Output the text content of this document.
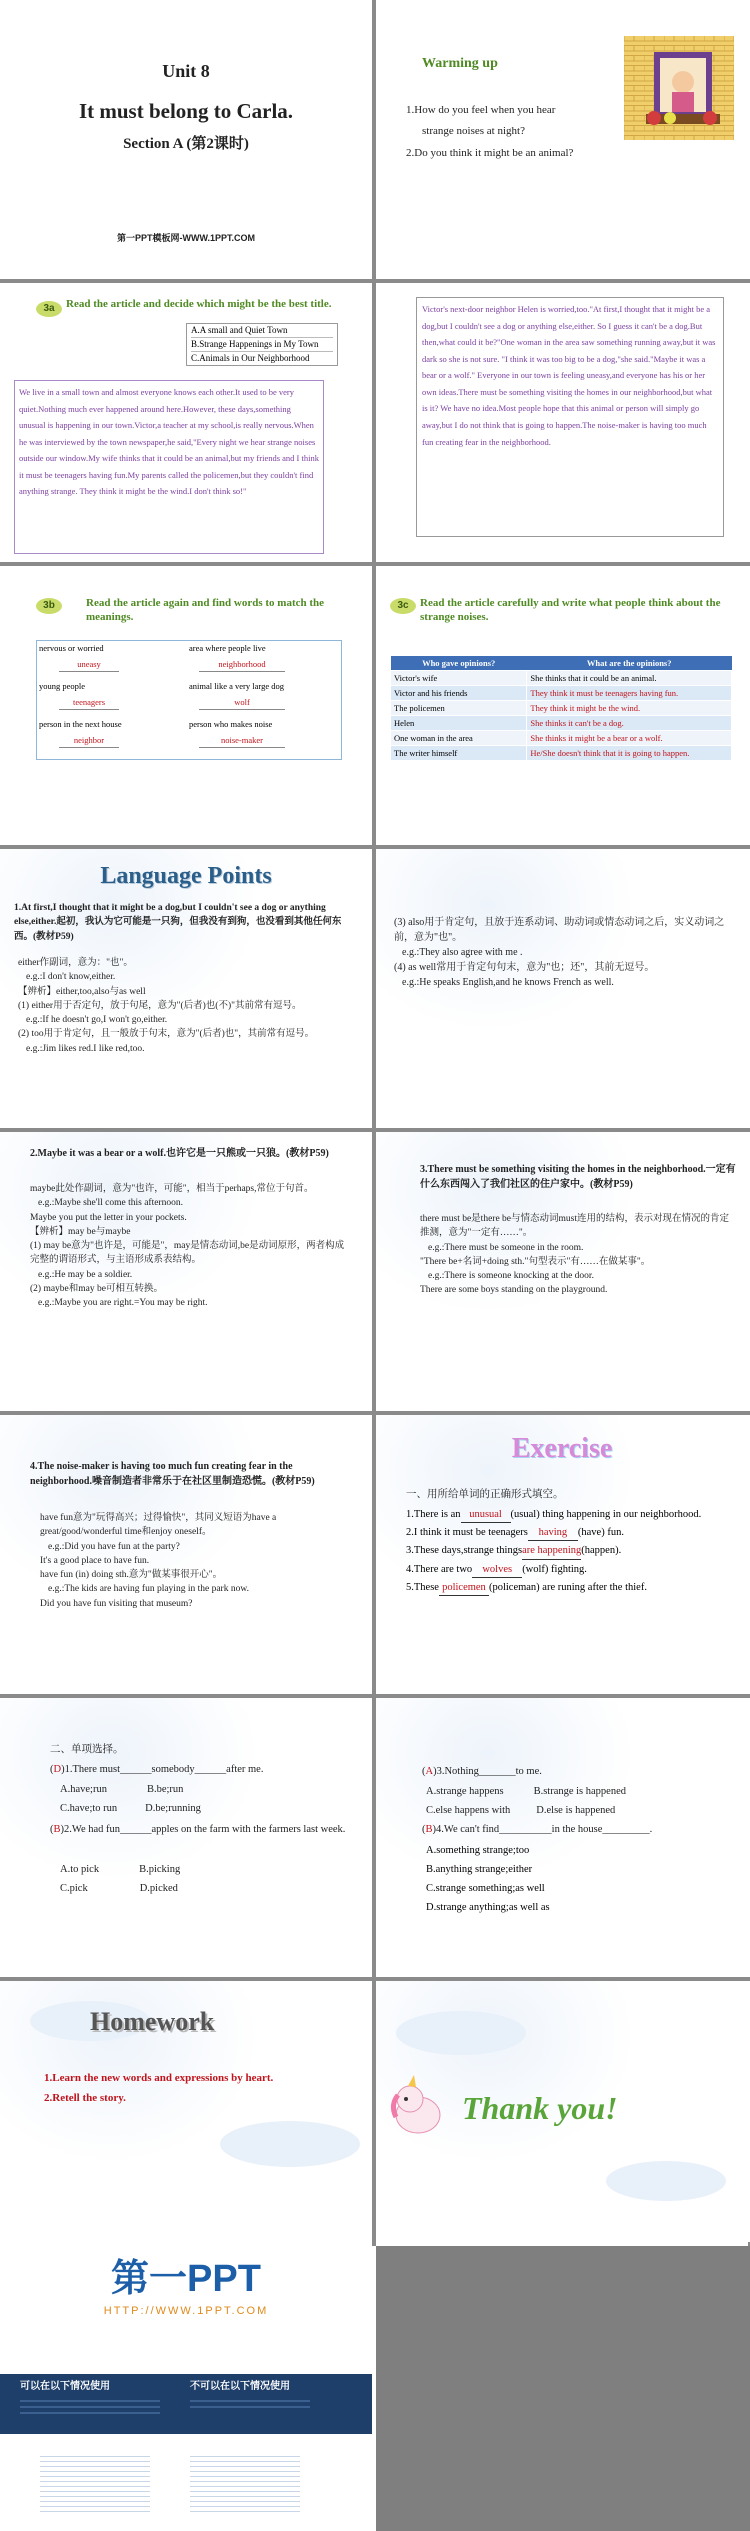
Unit 8
It must belong to Carla.
Section A (第2课时)
第一PPT模板网-WWW.1PPT.COM
Warming up
1.How do you feel when you hear
strange noises at night?
2.Do you think it might be an animal?
3a	Read the article and decide which might be the best title.
A.A small and Quiet Town
B.Strange Happenings in My Town
C.Animals in Our Neighborhood
We live in a small town and almost everyone knows each other.It used to be very quiet.Nothing much ever happened around here.However, these days,something unusual is happening in our town.Victor,a teacher at my school,is really nervous.When he was interviewed by the town newspaper,he said,"Every night we hear strange noises outside our window.My wife thinks that it could be an animal,but my friends and I think it must be teenagers having fun.My parents called the policemen,but they couldn't find anything strange. They think it might be the wind.I don't think so!"
Victor's next-door neighbor Helen is worried,too."At first,I thought that it might be a dog,but I couldn't see a dog or anything else,either. So I guess it can't be a dog.But then,what could it be?"One woman in the area saw something running away,but it was dark so she is not sure. "I think it was too big to be a dog,"she said."Maybe it was a bear or a wolf." Everyone in our town is feeling uneasy,and everyone has his or her own ideas.There must be something visiting the homes in our neighborhood,but what is it? We have no idea.Most people hope that this animal or person will simply go away,but I do not think that is going to happen.The noise-maker is having too much fun creating fear in the neighborhood.
3b	Read the article again and find words to match the meanings.
nervous or worried
uneasy
area where people live
neighborhood
young people
teenagers
animal like a very large dog
wolf
person in the next house
neighbor
person who makes noise
noise-maker
3c	Read the article carefully and write what people think about the strange noises.
Who gave opinions?	What are the opinions?
Victor's wife	She thinks that it could be an animal.
Victor and his friends	They think it must be teenagers having fun.
The policemen	They think it might be the wind.
Helen	She thinks it can't be a dog.
One woman in the area	She thinks it might be a bear or a wolf.
The writer himself	He/She doesn't think that it is going to happen.
Language Points
1.At first,I thought that it might be a dog,but I couldn't see a dog or anything else,either.起初，我认为它可能是一只狗，但我没有到狗，也没看到其他任何东西。(教材P59)
either作副词，意为："也"。
e.g.:I don't know,either.
【辨析】either,too,also与as well
(1) either用于否定句，放于句尾，意为"(后者)也(不)"其前常有逗号。
e.g.:If he doesn't go,I won't go,either.
(2) too用于肯定句，且一般放于句末，意为"(后者)也"，其前常有逗号。
e.g.:Jim likes red.I like red,too.
(3) also用于肯定句，且放于连系动词、助动词或情态动词之后，实义动词之前，意为"也"。
e.g.:They also agree with me .
(4) as well常用于肯定句句末，意为"也；还"，其前无逗号。
e.g.:He speaks English,and he knows French as well.
2.Maybe it was a bear or a wolf.也许它是一只熊或一只狼。(教材P59)
maybe此处作副词，意为"也许，可能"，相当于perhaps,常位于句首。
e.g.:Maybe she'll come this afternoon.
Maybe you put the letter in your pockets.
【辨析】may be与maybe
(1) may be意为"也许是，可能是"，may是情态动词,be是动词原形，两者构成完整的谓语形式，与主语形成系表结构。
e.g.:He may be a soldier.
(2) maybe和may be可相互转换。
e.g.:Maybe you are right.=You may be right.
3.There must be something visiting the homes in the neighborhood.一定有什么东西闯入了我们社区的住户家中。(教材P59)
there must be是there be与情态动词must连用的结构，表示对现在情况的肯定推测，意为"一定有……"。
e.g.:There must be someone in the room.
"There be+名词+doing sth."句型表示"有……在做某事"。
e.g.:There is someone knocking at the door.
There are some boys standing on the playground.
4.The noise-maker is having too much fun creating fear in the neighborhood.噪音制造者非常乐于在社区里制造恐慌。(教材P59)
have fun意为"玩得高兴；过得愉快"，其同义短语为have a great/good/wonderful time和enjoy oneself。
e.g.:Did you have fun at the party?
It's a good place to have fun.
have fun (in) doing sth.意为"做某事很开心"。
e.g.:The kids are having fun playing in the park now.
Did you have fun visiting that museum?
Exercise
一、用所给单词的正确形式填空。
1.There is an unusual (usual) thing happening in our neighborhood.
2.I think it must be teenagers having (have) fun.
3.These days,strange thingsare happening(happen).
4.There are two wolves (wolf) fighting.
5.These policemen (policeman) are runing after the thief.
二、单项选择。
(D)1.There must______somebody______after me.
A.have;run	B.be;run
C.have;to run	D.be;running
(B)2.We had fun______apples on the farm with the farmers last week.
A.to pick	B.picking
C.pick	D.picked
(A)3.Nothing_______to me.
A.strange happens	B.strange is happened
C.else happens with D.else is happened
(B)4.We can't find__________in the house_________.
A.something strange;too
B.anything strange;either
C.strange something;as well
D.strange anything;as well as
Homework
1.Learn the new words and expressions by heart.
2.Retell the story.	Thank you!
第一PPT
HTTP://WWW.1PPT.COM
可以在以下情况使用	不可以在以下情况使用
